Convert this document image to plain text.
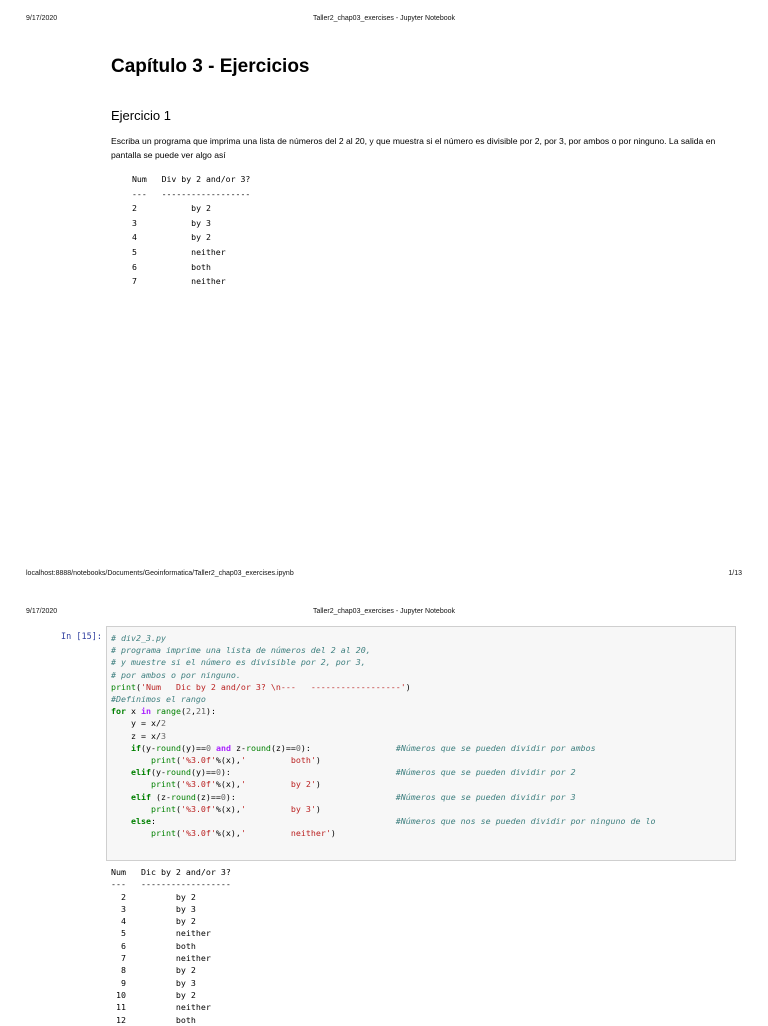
9/17/2020	Taller2_chap03_exercises - Jupyter Notebook
Capítulo 3 - Ejercicios
Ejercicio 1

Escriba un programa que imprima una lista de números del 2 al 20, y que muestra si el número es divisible por 2, por 3, por ambos o por ninguno. La salida en pantalla se puede ver algo así

Num   Div by 2 and/or 3?
---   ------------------
2           by 2
3           by 3
4           by 2
5           neither
6           both
7           neither
localhost:8888/notebooks/Documents/Geoinformatica/Taller2_chap03_exercises.ipynb	1/13
9/17/2020	Taller2_chap03_exercises - Jupyter Notebook
In [15]: # div2_3.py
# programa imprime una lista de números del 2 al 20,
# y muestre si el número es divisible por 2, por 3,
# por ambos o por ninguno.
print('Num   Dic by 2 and/or 3? \n---   ------------------')
#Definimos el rango
for x in range(2,21):
y = x/2
z = x/3
if(y-round(y)==0 and z-round(z)==0):                 #Números que se pueden dividir por ambos
print('%3.0f'%(x),'         both')
elif(y-round(y)==0):                                 #Números que se pueden dividir por 2
print('%3.0f'%(x),'         by 2')
elif (z-round(z)==0):                                #Números que se pueden dividir por 3
print('%3.0f'%(x),'         by 3')
else:                                                #Números que nos se pueden dividir por ninguno de lo
print('%3.0f'%(x),'         neither')
Num   Dic by 2 and/or 3?
---   ------------------
2          by 2
3          by 3
4          by 2
5          neither
6          both
7          neither
8          by 2
9          by 3
10          by 2
11          neither
12          both
